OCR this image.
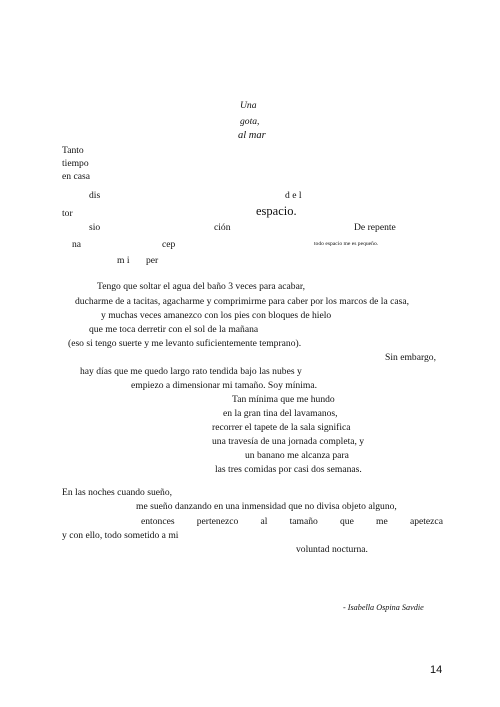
Una
gota,
al mar
Tanto
tiempo
en casa
dis	d e l
tor	espacio.
sio	ción	De repente
na	cep	todo espacio me es pequeño.
m i per
Tengo que soltar el agua del baño 3 veces para acabar,
ducharme de a tacitas, agacharme y comprimirme para caber por los marcos de la casa,
y muchas veces amanezco con los pies con bloques de hielo
que me toca derretir con el sol de la mañana
(eso si tengo suerte y me levanto suficientemente temprano).
Sin embargo,
hay días que me quedo largo rato tendida bajo las nubes y
empiezo a dimensionar mi tamaño. Soy mínima.
Tan mínima que me hundo
en la gran tina del lavamanos,
recorrer el tapete de la sala significa
una travesía de una jornada completa, y
un banano me alcanza para
las tres comidas por casi dos semanas.
En las noches cuando sueño,
me sueño danzando en una inmensidad que no divisa objeto alguno,
entonces pertenezco al tamaño que me apetezca
y con ello, todo sometido a mi
voluntad nocturna.
- Isabella Ospina Savdie
14
